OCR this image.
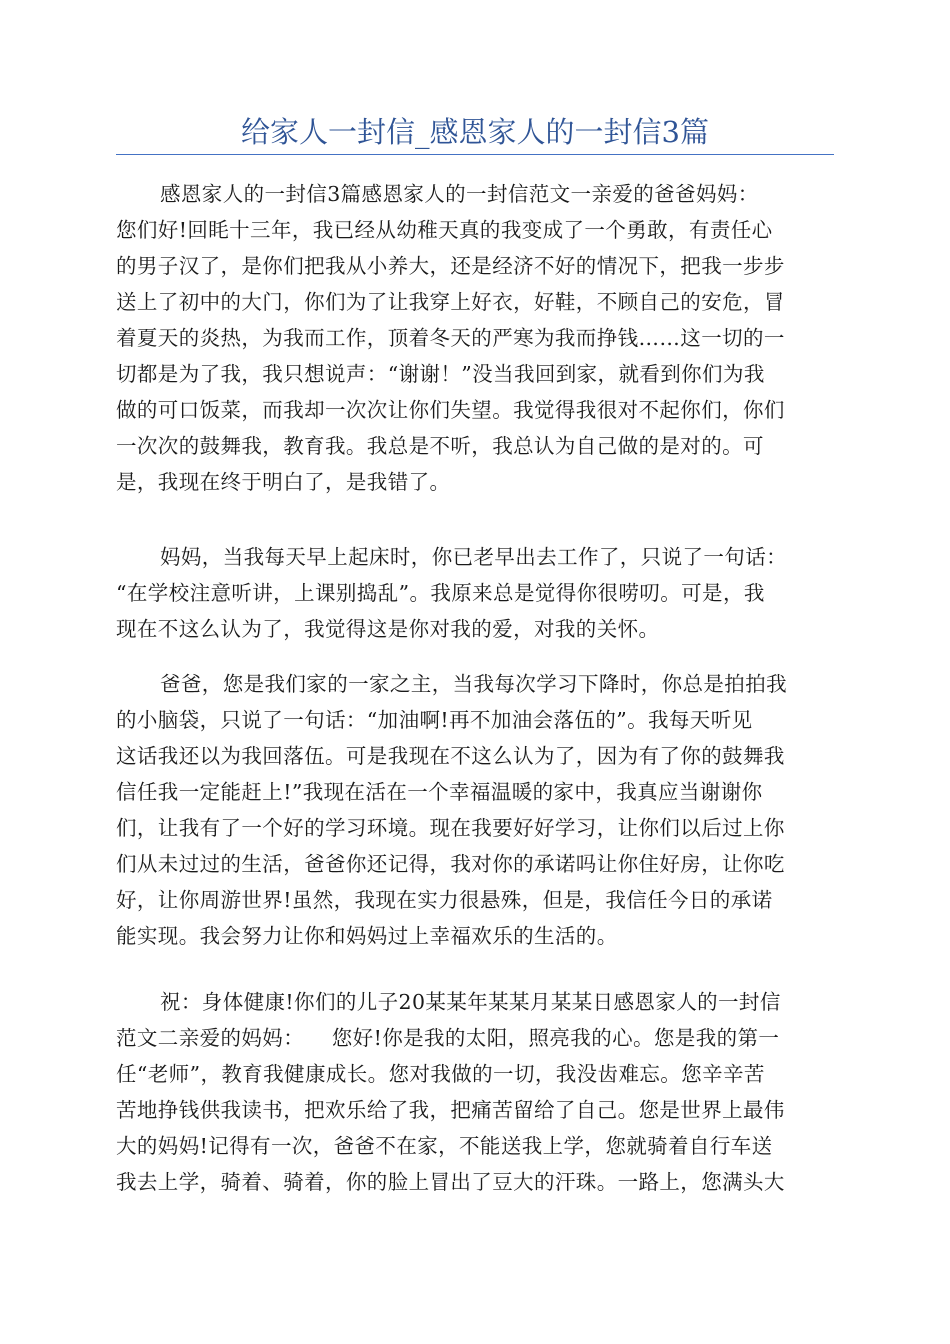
给家人一封信_感恩家人的一封信3篇
感恩家人的一封信3篇感恩家人的一封信范文一亲爱的爸爸妈妈：
您们好!回眊十三年，我已经从幼稚天真的我变成了一个勇敢，有责任心
的男子汉了，是你们把我从小养大，还是经济不好的情况下，把我一步步
送上了初中的大门，你们为了让我穿上好衣，好鞋，不顾自己的安危，冒
着夏天的炎热，为我而工作，顶着冬天的严寒为我而挣钱……这一切的一
切都是为了我，我只想说声：“谢谢！”没当我回到家，就看到你们为我
做的可口饭菜，而我却一次次让你们失望。我觉得我很对不起你们，你们
一次次的鼓舞我，教育我。我总是不听，我总认为自己做的是对的。可
是，我现在终于明白了，是我错了。
妈妈，当我每天早上起床时，你已老早出去工作了，只说了一句话：
“在学校注意听讲，上课别捣乱”。我原来总是觉得你很唠叨。可是，我
现在不这么认为了，我觉得这是你对我的爱，对我的关怀。
爸爸，您是我们家的一家之主，当我每次学习下降时，你总是拍拍我
的小脑袋，只说了一句话：“加油啊!再不加油会落伍的”。我每天听见
这话我还以为我回落伍。可是我现在不这么认为了，因为有了你的鼓舞我
信任我一定能赶上!”我现在活在一个幸福温暖的家中，我真应当谢谢你
们，让我有了一个好的学习环境。现在我要好好学习，让你们以后过上你
们从未过过的生活，爸爸你还记得，我对你的承诺吗让你住好房，让你吃
好，让你周游世界!虽然，我现在实力很悬殊，但是，我信任今日的承诺
能实现。我会努力让你和妈妈过上幸福欢乐的生活的。
祝：身体健康!你们的儿子20某某年某某月某某日感恩家人的一封信
范文二亲爱的妈妈：    您好!你是我的太阳，照亮我的心。您是我的第一
任“老师”，教育我健康成长。您对我做的一切，我没齿难忘。您辛辛苦
苦地挣钱供我读书，把欢乐给了我，把痛苦留给了自己。您是世界上最伟
大的妈妈!记得有一次，爸爸不在家，不能送我上学，您就骑着自行车送
我去上学，骑着、骑着，你的脸上冒出了豆大的汗珠。一路上，您满头大
